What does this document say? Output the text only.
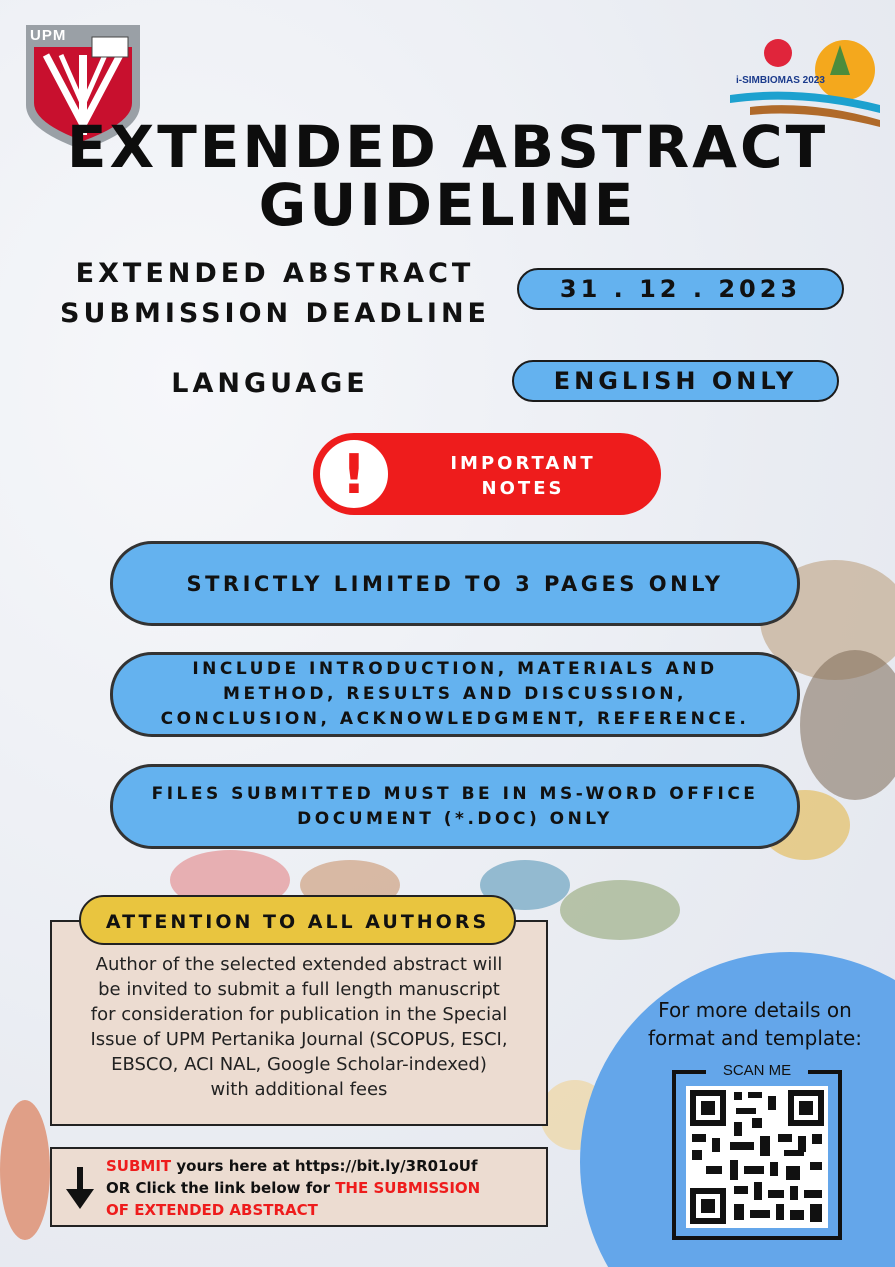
UPM
i-SIMBIOMAS 2023
EXTENDED ABSTRACT
GUIDELINE
EXTENDED ABSTRACT
SUBMISSION DEADLINE
31 . 12 . 2023
LANGUAGE	ENGLISH ONLY
!	IMPORTANT
NOTES
STRICTLY LIMITED TO 3 PAGES ONLY
INCLUDE INTRODUCTION, MATERIALS AND
METHOD, RESULTS AND DISCUSSION,
CONCLUSION, ACKNOWLEDGMENT, REFERENCE.
FILES SUBMITTED MUST BE IN MS-WORD OFFICE
DOCUMENT (*.DOC) ONLY
Author of the selected extended abstract will
be invited to submit a full length manuscript
for consideration for publication in the Special
Issue of UPM Pertanika Journal (SCOPUS, ESCI,
EBSCO, ACI NAL, Google Scholar-indexed)
with additional fees
ATTENTION TO ALL AUTHORS
SUBMIT yours here at https://bit.ly/3R01oUf
OR Click the link below for THE SUBMISSION
OF EXTENDED ABSTRACT
For more details on
format and template:
SCAN ME
